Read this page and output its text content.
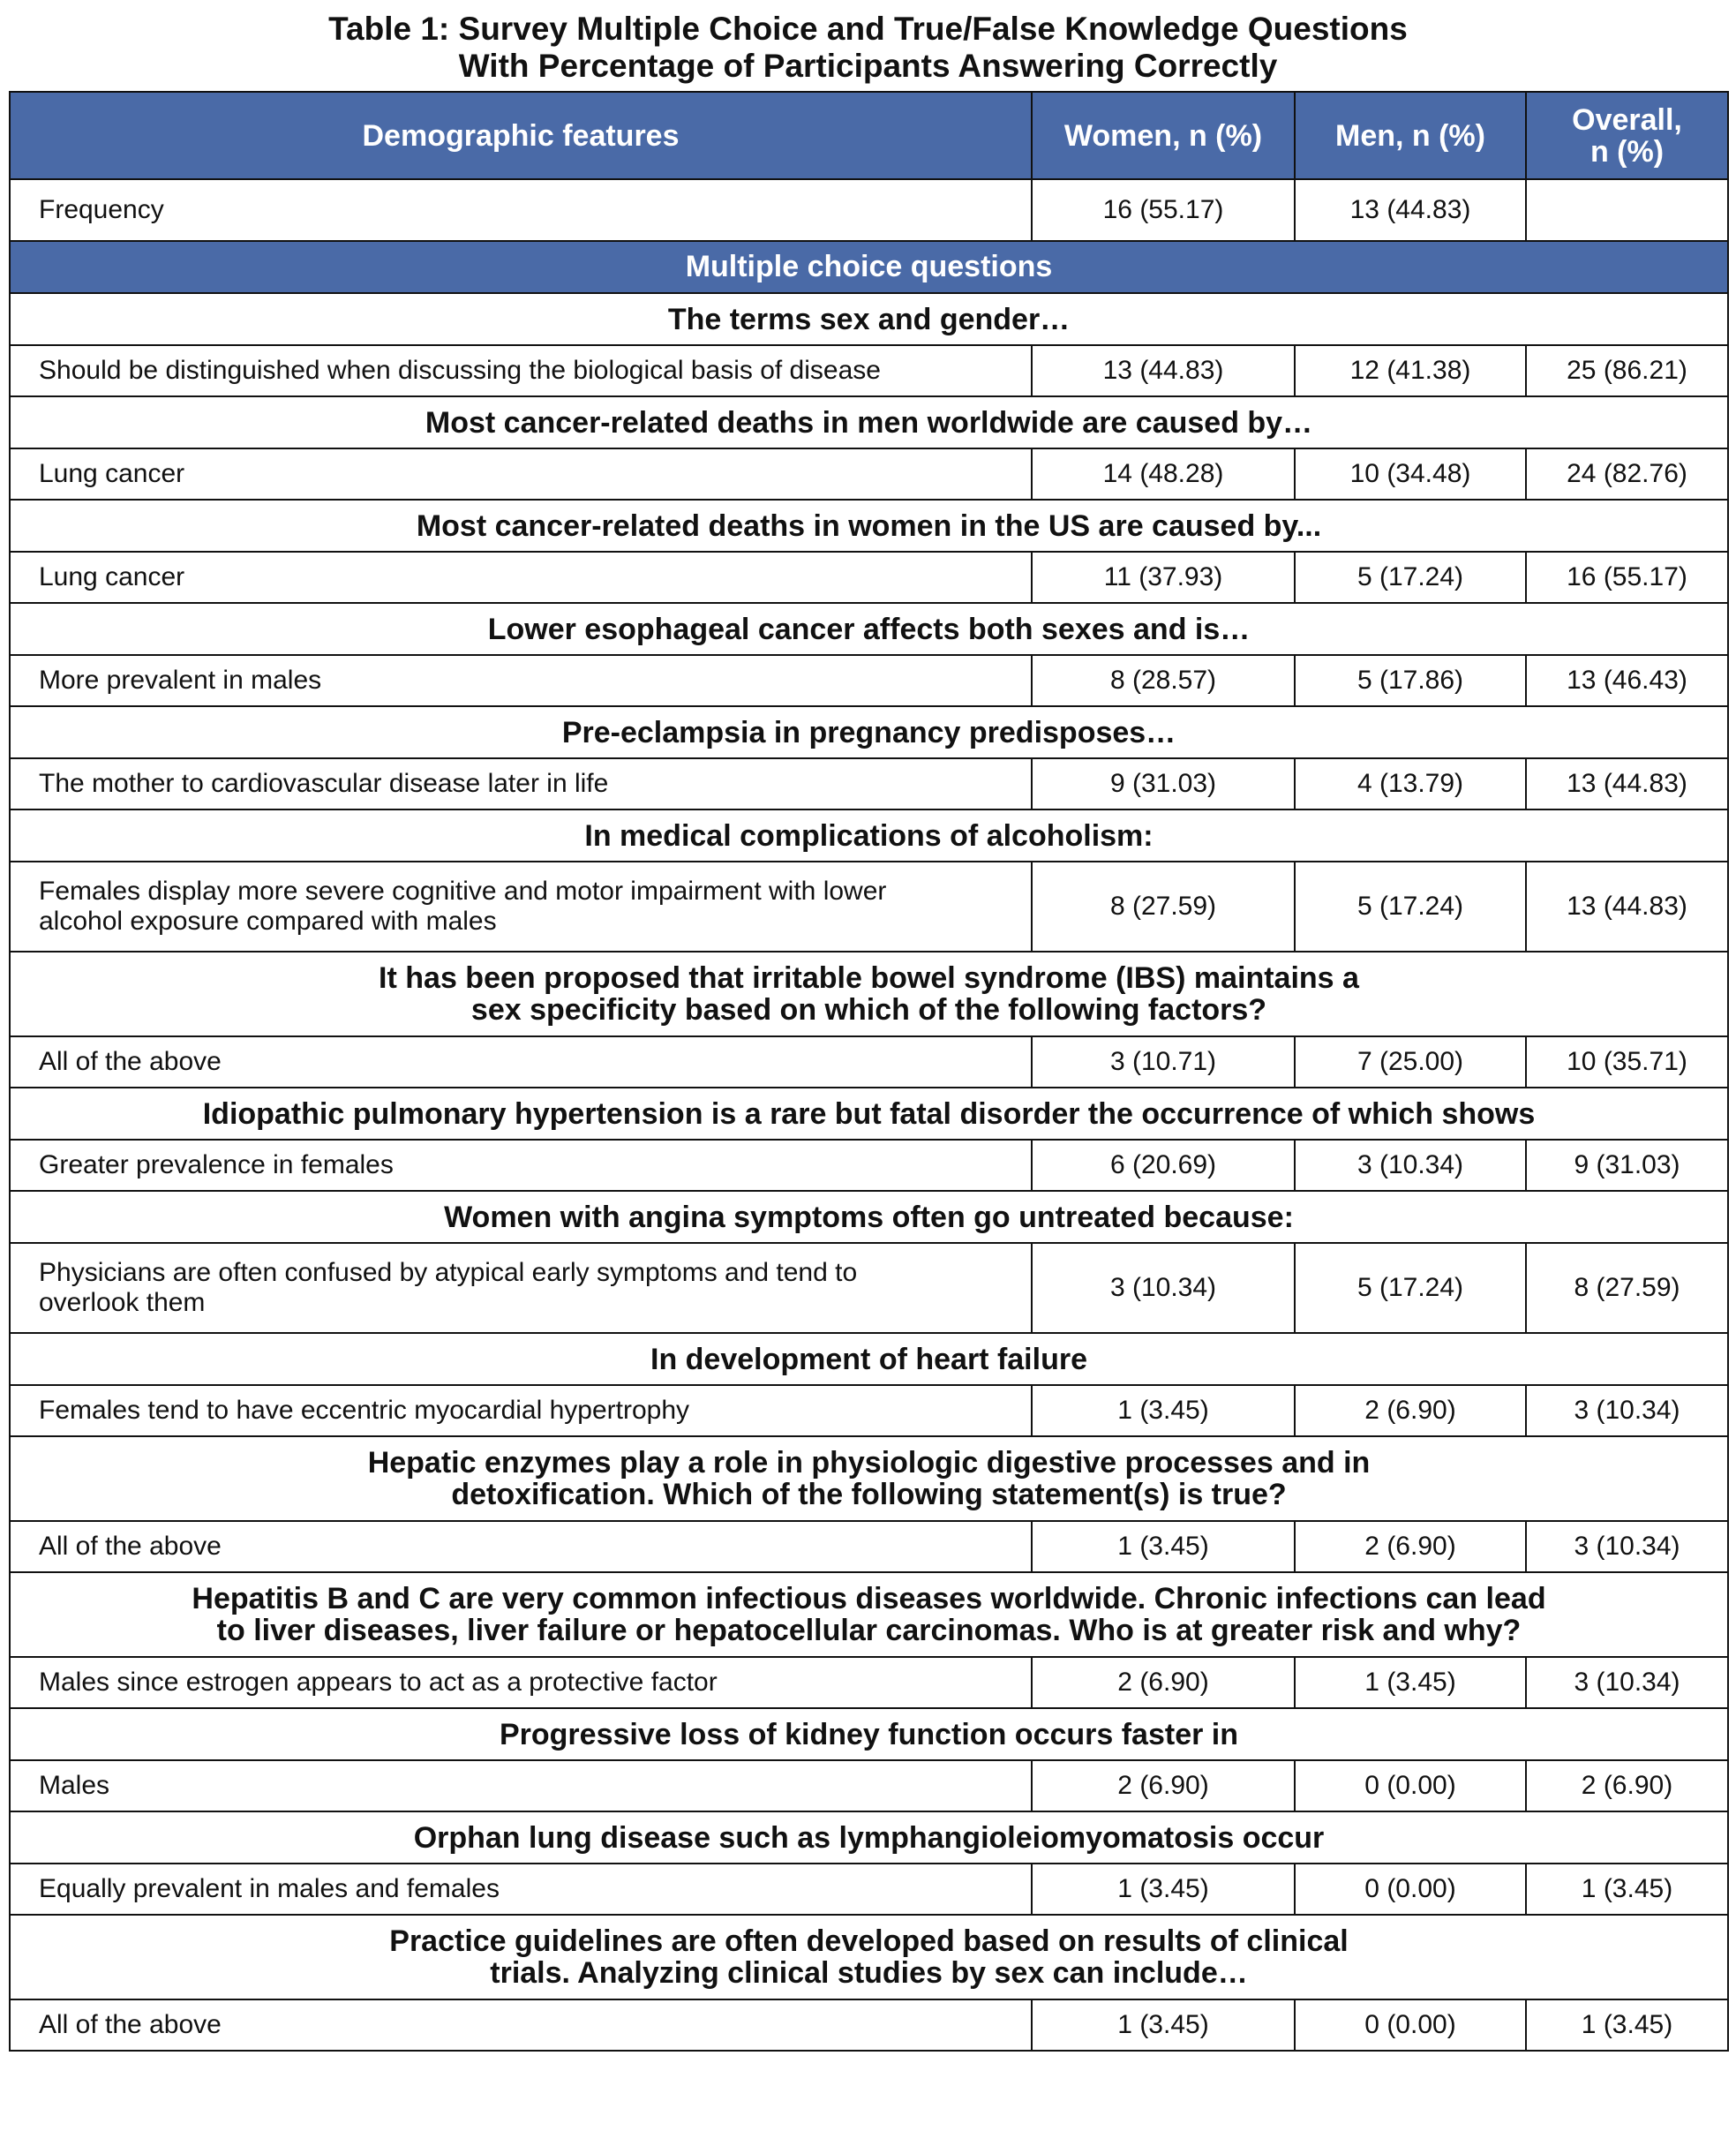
Table 1: Survey Multiple Choice and True/False Knowledge Questions
With Percentage of Participants Answering Correctly
Demographic features	Women, n (%)	Men, n (%)	Overall,
n (%)

Frequency	16 (55.17)	13 (44.83)	
Multiple choice questions			

The terms sex and gender…			

Should be distinguished when discussing the biological basis of disease	13 (44.83)	12 (41.38)	25 (86.21)

Most cancer-related deaths in men worldwide are caused by…			

Lung cancer	14 (48.28)	10 (34.48)	24 (82.76)

Most cancer-related deaths in women in the US are caused by...			

Lung cancer	11 (37.93)	5 (17.24)	16 (55.17)

Lower esophageal cancer affects both sexes and is…			

More prevalent in males	8 (28.57)	5 (17.86)	13 (46.43)

Pre-eclampsia in pregnancy predisposes…			

The mother to cardiovascular disease later in life	9 (31.03)	4 (13.79)	13 (44.83)

In medical complications of alcoholism:			

Females display more severe cognitive and motor impairment with lower
alcohol exposure compared with males	8 (27.59)	5 (17.24)	13 (44.83)

It has been proposed that irritable bowel syndrome (IBS) maintains a
sex specificity based on which of the following factors?			

All of the above	3 (10.71)	7 (25.00)	10 (35.71)

Idiopathic pulmonary hypertension is a rare but fatal disorder the occurrence of which shows			

Greater prevalence in females	6 (20.69)	3 (10.34)	9 (31.03)

Women with angina symptoms often go untreated because:			

Physicians are often confused by atypical early symptoms and tend to
overlook them	3 (10.34)	5 (17.24)	8 (27.59)

In development of heart failure			

Females tend to have eccentric myocardial hypertrophy	1 (3.45)	2 (6.90)	3 (10.34)

Hepatic enzymes play a role in physiologic digestive processes and in
detoxification. Which of the following statement(s) is true?			

All of the above	1 (3.45)	2 (6.90)	3 (10.34)

Hepatitis B and C are very common infectious diseases worldwide. Chronic infections can lead
to liver diseases, liver failure or hepatocellular carcinomas. Who is at greater risk and why?			

Males since estrogen appears to act as a protective factor	2 (6.90)	1 (3.45)	3 (10.34)

Progressive loss of kidney function occurs faster in			

Males	2 (6.90)	0 (0.00)	2 (6.90)

Orphan lung disease such as lymphangioleiomyomatosis occur			

Equally prevalent in males and females	1 (3.45)	0 (0.00)	1 (3.45)

Practice guidelines are often developed based on results of clinical
trials. Analyzing clinical studies by sex can include…			

All of the above	1 (3.45)	0 (0.00)	1 (3.45)
